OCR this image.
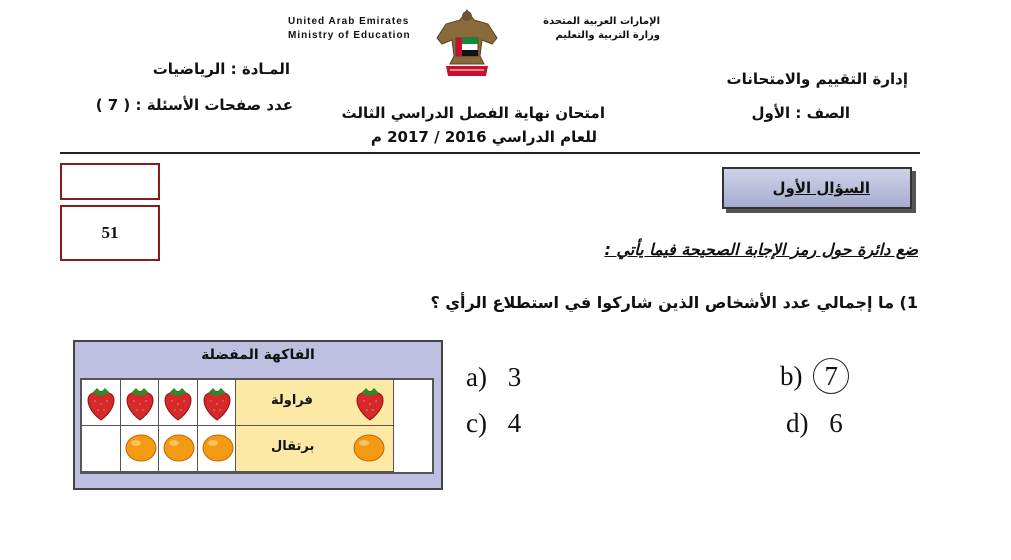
United Arab Emirates
Ministry of Education
الإمارات العربية المتحدة
وزارة التربية والتعليم
المـادة : الرياضيات
إدارة التقييم والامتحانات
عدد صفحات الأسئلة : ( 7 )	امتحان نهاية الفصل الدراسي الثالث
للعام الدراسي 2016 / 2017 م
الصف : الأول
51
السؤال الأول
ضع دائرة حول رمز الإجابة الصحيحة فيما يأتي :
1) ما إجمالي عدد الأشخاص الذين شاركوا في استطلاع الرأي ؟
الفاكهة المفضلة
فراولة
برتقال
a) 3	b) 7
c) 4	d) 6
